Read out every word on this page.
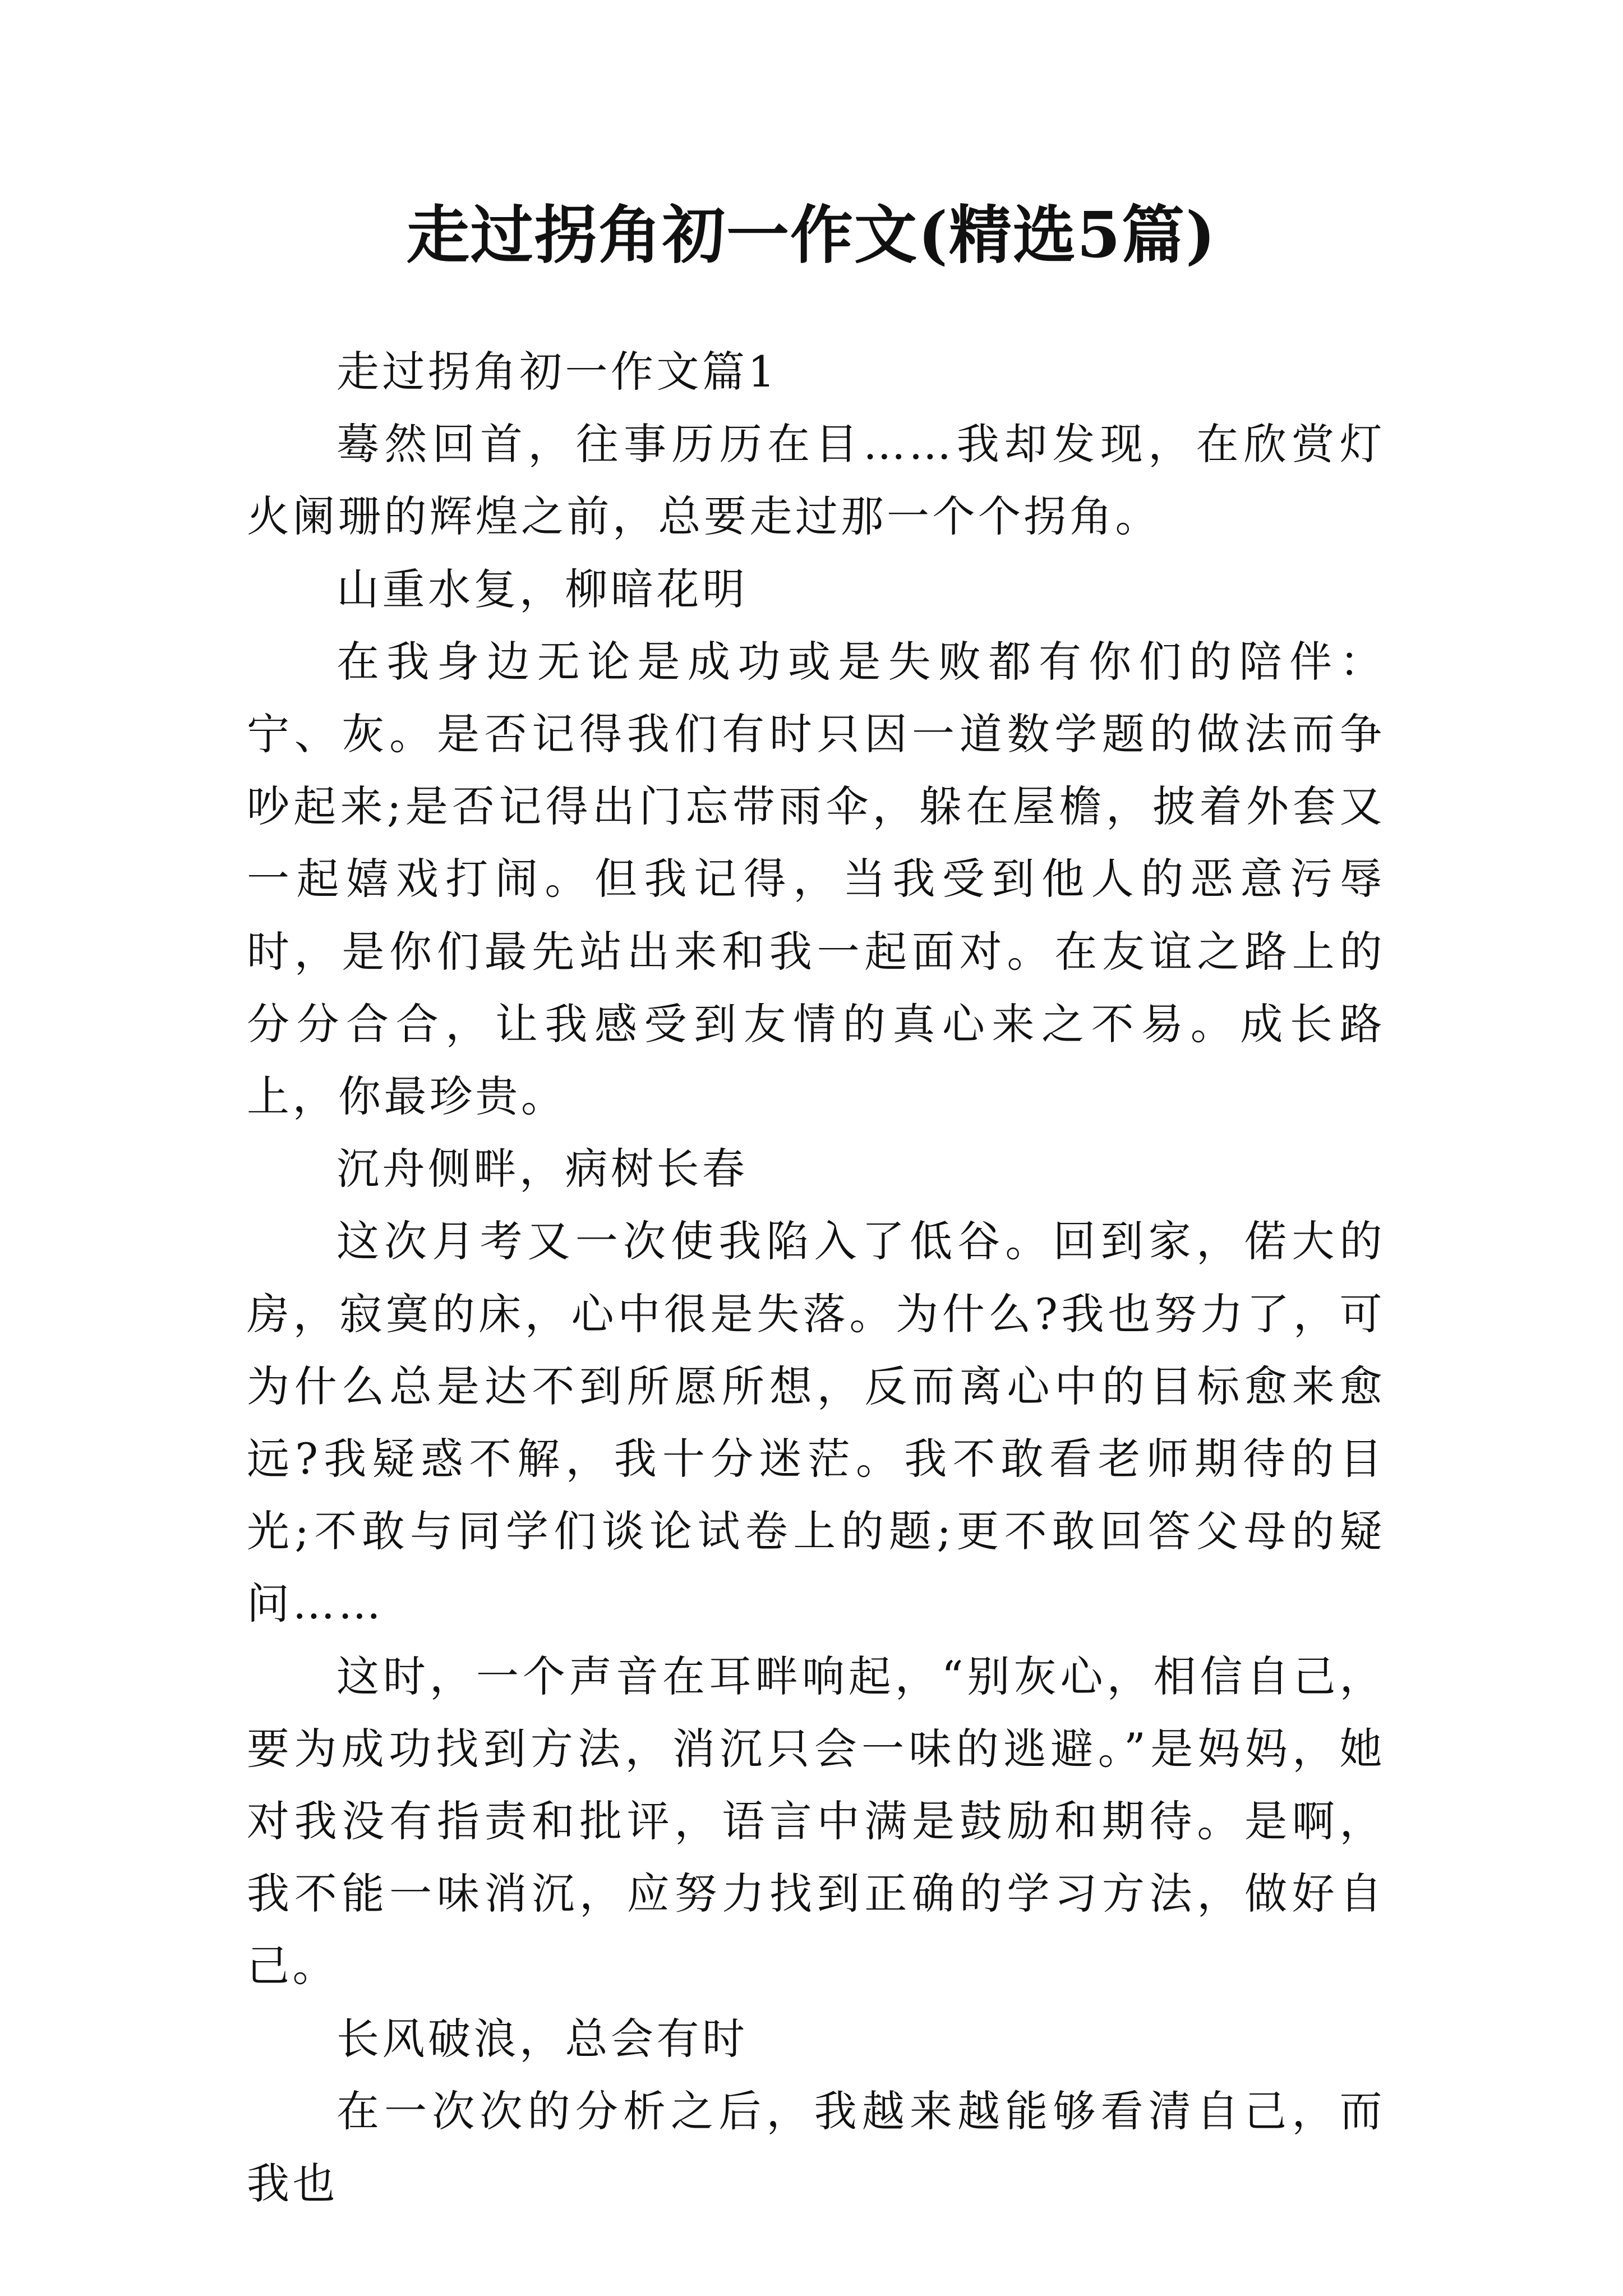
走过拐角初一作文(精选5篇)

走过拐角初一作文篇1

蓦然回首，往事历历在目……我却发现，在欣赏灯火阑珊的辉煌之前，总要走过那一个个拐角。

山重水复，柳暗花明

在我身边无论是成功或是失败都有你们的陪伴：宁、灰。是否记得我们有时只因一道数学题的做法而争吵起来;是否记得出门忘带雨伞，躲在屋檐，披着外套又一起嬉戏打闹。但我记得，当我受到他人的恶意污辱时，是你们最先站出来和我一起面对。在友谊之路上的分分合合，让我感受到友情的真心来之不易。成长路上，你最珍贵。

沉舟侧畔，病树长春

这次月考又一次使我陷入了低谷。回到家，偌大的房，寂寞的床，心中很是失落。为什么?我也努力了，可为什么总是达不到所愿所想，反而离心中的目标愈来愈远?我疑惑不解，我十分迷茫。我不敢看老师期待的目光;不敢与同学们谈论试卷上的题;更不敢回答父母的疑问……

这时，一个声音在耳畔响起，“别灰心，相信自己，要为成功找到方法，消沉只会一味的逃避。”是妈妈，她对我没有指责和批评，语言中满是鼓励和期待。是啊，我不能一味消沉，应努力找到正确的学习方法，做好自己。

长风破浪，总会有时

在一次次的分析之后，我越来越能够看清自己，而我也
